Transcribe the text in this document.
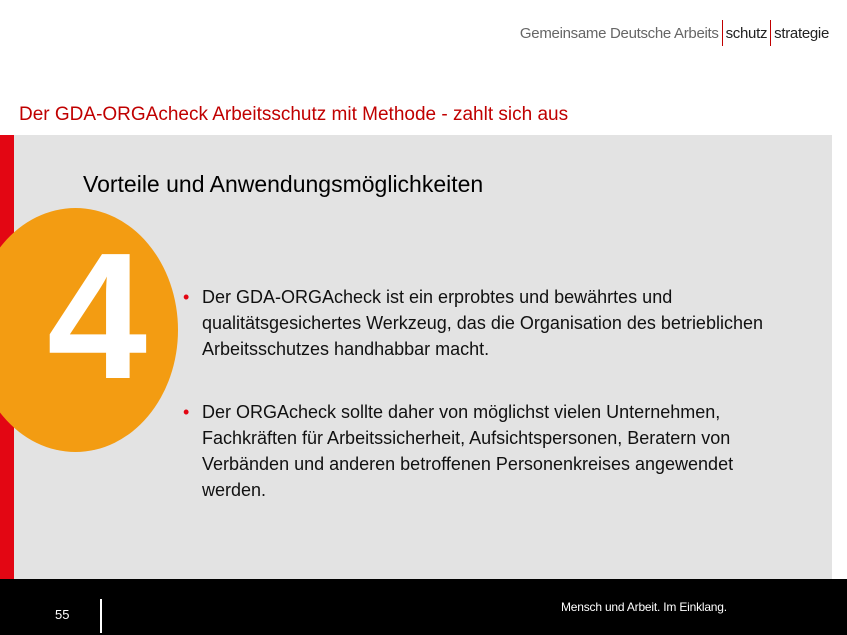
Gemeinsame Deutsche Arbeits schutz strategie
Der GDA-ORGAcheck Arbeitsschutz mit Methode - zahlt sich aus
Vorteile und Anwendungsmöglichkeiten
4 • Der GDA-ORGAcheck ist ein erprobtes und bewährtes und qualitätsgesichertes Werkzeug, das die Organisation des betrieblichen Arbeitsschutzes handhabbar macht.
• Der ORGAcheck sollte daher von möglichst vielen Unternehmen, Fachkräften für Arbeitssicherheit, Aufsichtspersonen, Beratern von Verbänden und anderen betroffenen Personenkreises angewendet werden.
55	Mensch und Arbeit. Im Einklang.
